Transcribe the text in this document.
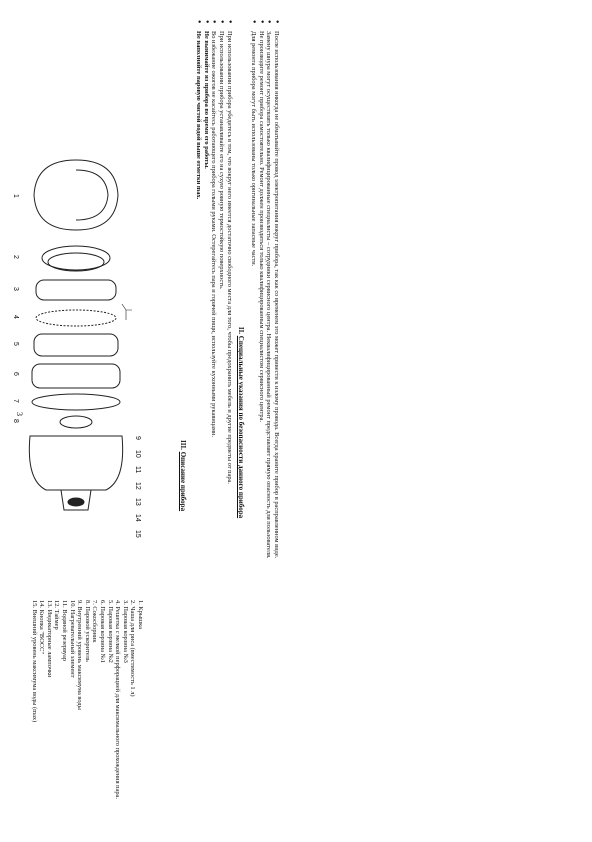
● После использования никогда не обматывайте провод электропитания вокруг прибора, так как со временем это может привести к излому провода. Всегда храните прибор в расправленном виде.
● Замену шнура могут осуществлять только квалифицированные специалисты – сотрудники сервисного центра. Неквалифицированный ремонт представляет прямую опасность для пользователя.
● Не производите ремонт прибора самостоятельно. Ремонт должен производиться только квалифицированным специалистом сервисного центра.
● Для ремонта прибора могут быть использованы только оригинальные запасные части.
II. Специальные указания по безопасности данного прибора
● При использовании прибора убедитесь в том, что вокруг него имеется достаточно свободного места для того, чтобы предохранить мебель и другие предметы от пара.
● При использовании прибора устанавливайте его на сухую ровную термостойкую поверхность.
● Во избежание ожогов не касайтесь работающего прибора голыми руками. Остерегайтесь пара и горячей пищи, используйте кухонными рукавицами.
● Не вынимайте из прибора во время его работы.
● Не наполняйте паровую чистой водой выше отметки max.
III. Описание прибора
1
2
3
4
5
6
7
8
9
10
11
12
13
14
15
1. Крышка
2. Чаша для риса (вместимость 1 л)
3. Паровая корзина №3
4. Решетка с мелкой перфорацией для максимального прохождения пара.
5. Паровая корзина №2
6. Паровая корзина №1
7. Сокосборник
8. Паровой ускоритель
9. Внутренний уровень максимума воды
10. Нагревательный элемент
11. Водяной резервуар
12. Таймер
13. Индикаторные лампочки
14. Кнопка "ВОСС"
15. Внешний уровень максимума воды (max)
3
